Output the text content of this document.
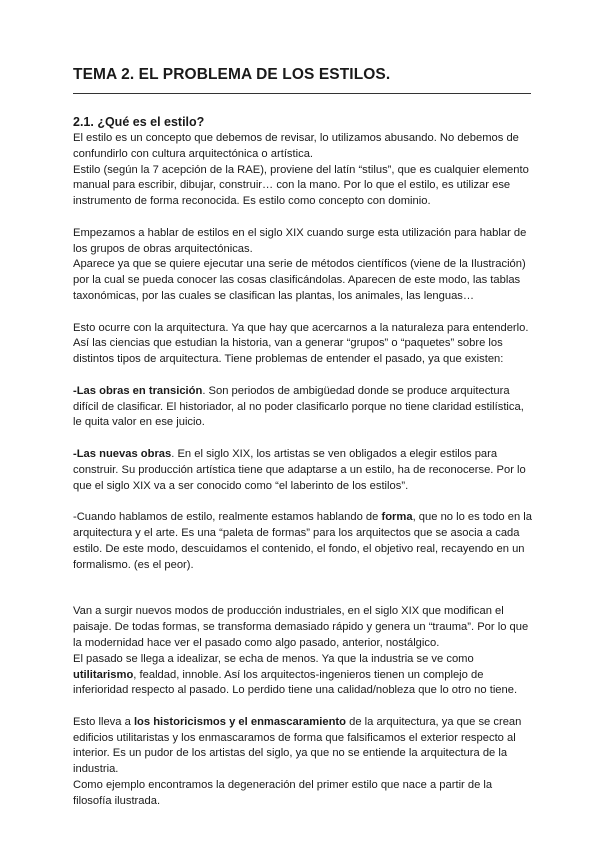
TEMA 2. EL PROBLEMA DE LOS ESTILOS.
2.1. ¿Qué es el estilo?

El estilo es un concepto que debemos de revisar, lo utilizamos abusando. No debemos de confundirlo con cultura arquitectónica o artística.

Estilo (según la 7 acepción de la RAE), proviene del latín “stilus”, que es cualquier elemento manual para escribir, dibujar, construir… con la mano. Por lo que el estilo, es utilizar ese instrumento de forma reconocida. Es estilo como concepto con dominio.

Empezamos a hablar de estilos en el siglo XIX cuando surge esta utilización para hablar de los grupos de obras arquitectónicas.

Aparece ya que se quiere ejecutar una serie de métodos científicos (viene de la Ilustración) por la cual se pueda conocer las cosas clasificándolas. Aparecen de este modo, las tablas taxonómicas, por las cuales se clasifican las plantas, los animales, las lenguas…

Esto ocurre con la arquitectura. Ya que hay que acercarnos a la naturaleza para entenderlo. Así las ciencias que estudian la historia, van a generar “grupos” o “paquetes” sobre los distintos tipos de arquitectura. Tiene problemas de entender el pasado, ya que existen:

-Las obras en transición. Son periodos de ambigüedad donde se produce arquitectura difícil de clasificar. El historiador, al no poder clasificarlo porque no tiene claridad estilística, le quita valor en ese juicio.

-Las nuevas obras. En el siglo XIX, los artistas se ven obligados a elegir estilos para construir. Su producción artística tiene que adaptarse a un estilo, ha de reconocerse. Por lo que el siglo XIX va a ser conocido como “el laberinto de los estilos”.

-Cuando hablamos de estilo, realmente estamos hablando de forma, que no lo es todo en la arquitectura y el arte. Es una “paleta de formas” para los arquitectos que se asocia a cada estilo. De este modo, descuidamos el contenido, el fondo, el objetivo real, recayendo en un formalismo. (es el peor).

Van a surgir nuevos modos de producción industriales, en el siglo XIX que modifican el paisaje. De todas formas, se transforma demasiado rápido y genera un “trauma”. Por lo que la modernidad hace ver el pasado como algo pasado, anterior, nostálgico.

El pasado se llega a idealizar, se echa de menos. Ya que la industria se ve como utilitarismo, fealdad, innoble. Así los arquitectos-ingenieros tienen un complejo de inferioridad respecto al pasado. Lo perdido tiene una calidad/nobleza que lo otro no tiene.

Esto lleva a los historicismos y el enmascaramiento de la arquitectura, ya que se crean edificios utilitaristas y los enmascaramos de forma que falsificamos el exterior respecto al interior. Es un pudor de los artistas del siglo, ya que no se entiende la arquitectura de la industria.

Como ejemplo encontramos la degeneración del primer estilo que nace a partir de la filosofía ilustrada.
